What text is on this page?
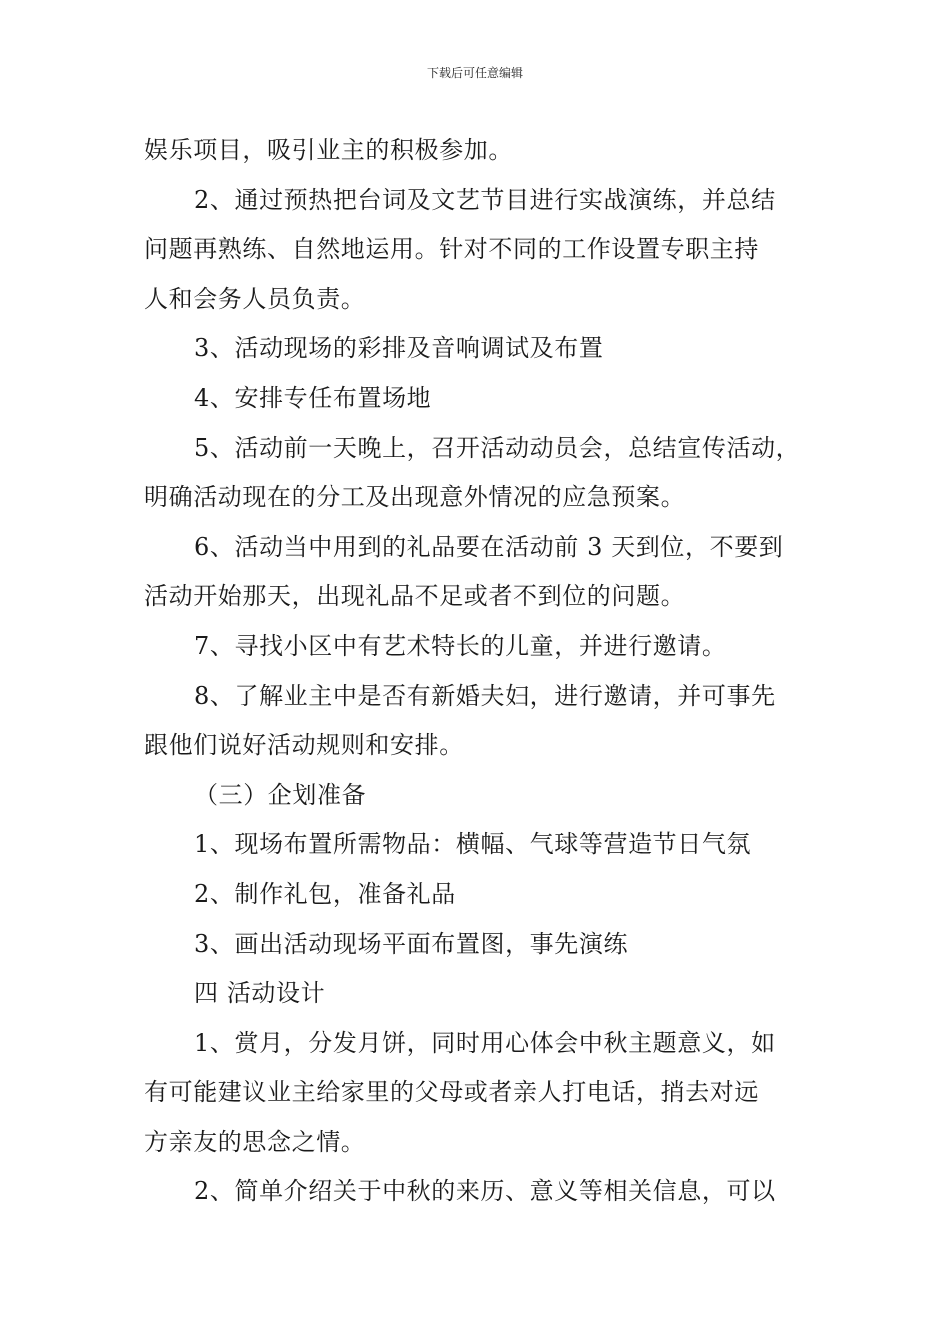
下载后可任意编辑

娱乐项目，吸引业主的积极参加。

2、通过预热把台词及文艺节目进行实战演练，并总结

问题再熟练、自然地运用。针对不同的工作设置专职主持

人和会务人员负责。

3、活动现场的彩排及音响调试及布置

4、安排专任布置场地

5、活动前一天晚上，召开活动动员会，总结宣传活动，

明确活动现在的分工及出现意外情况的应急预案。

6、活动当中用到的礼品要在活动前 3 天到位，不要到

活动开始那天，出现礼品不足或者不到位的问题。

7、寻找小区中有艺术特长的儿童，并进行邀请。

8、了解业主中是否有新婚夫妇，进行邀请，并可事先

跟他们说好活动规则和安排。

（三）企划准备

1、现场布置所需物品：横幅、气球等营造节日气氛

2、制作礼包，准备礼品

3、画出活动现场平面布置图，事先演练

四 活动设计

1、赏月，分发月饼，同时用心体会中秋主题意义，如

有可能建议业主给家里的父母或者亲人打电话，捎去对远

方亲友的思念之情。

2、简单介绍关于中秋的来历、意义等相关信息，可以
